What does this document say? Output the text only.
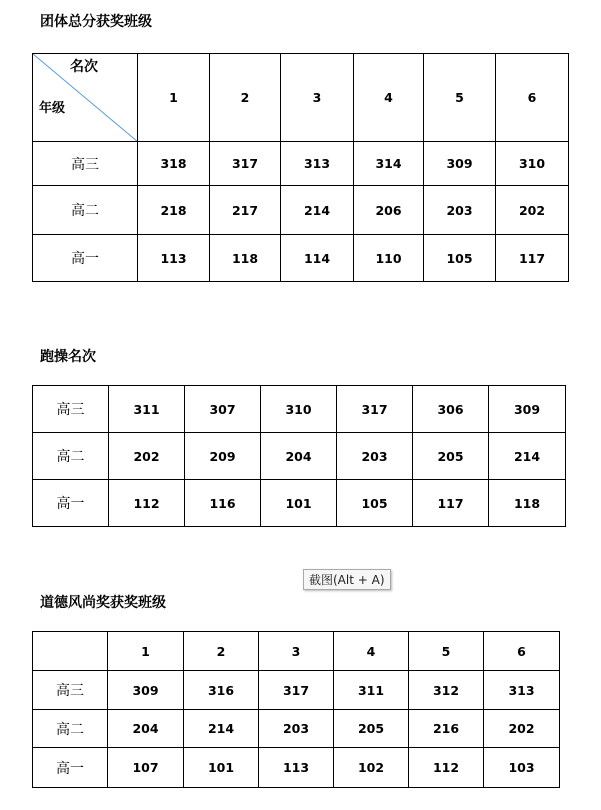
团体总分获奖班级
名次
年级	1	2	3	4	5	6
高三	318	317	313	314	309	310
高二	218	217	214	206	203	202
高一	113	118	114	110	105	117
跑操名次
高三	311	307	310	317	306	309
高二	202	209	204	203	205	214
高一	112	116	101	105	117	118
截图(Alt + A)
道德风尚奖获奖班级
	1	2	3	4	5	6
高三	309	316	317	311	312	313
高二	204	214	203	205	216	202
高一	107	101	113	102	112	103
